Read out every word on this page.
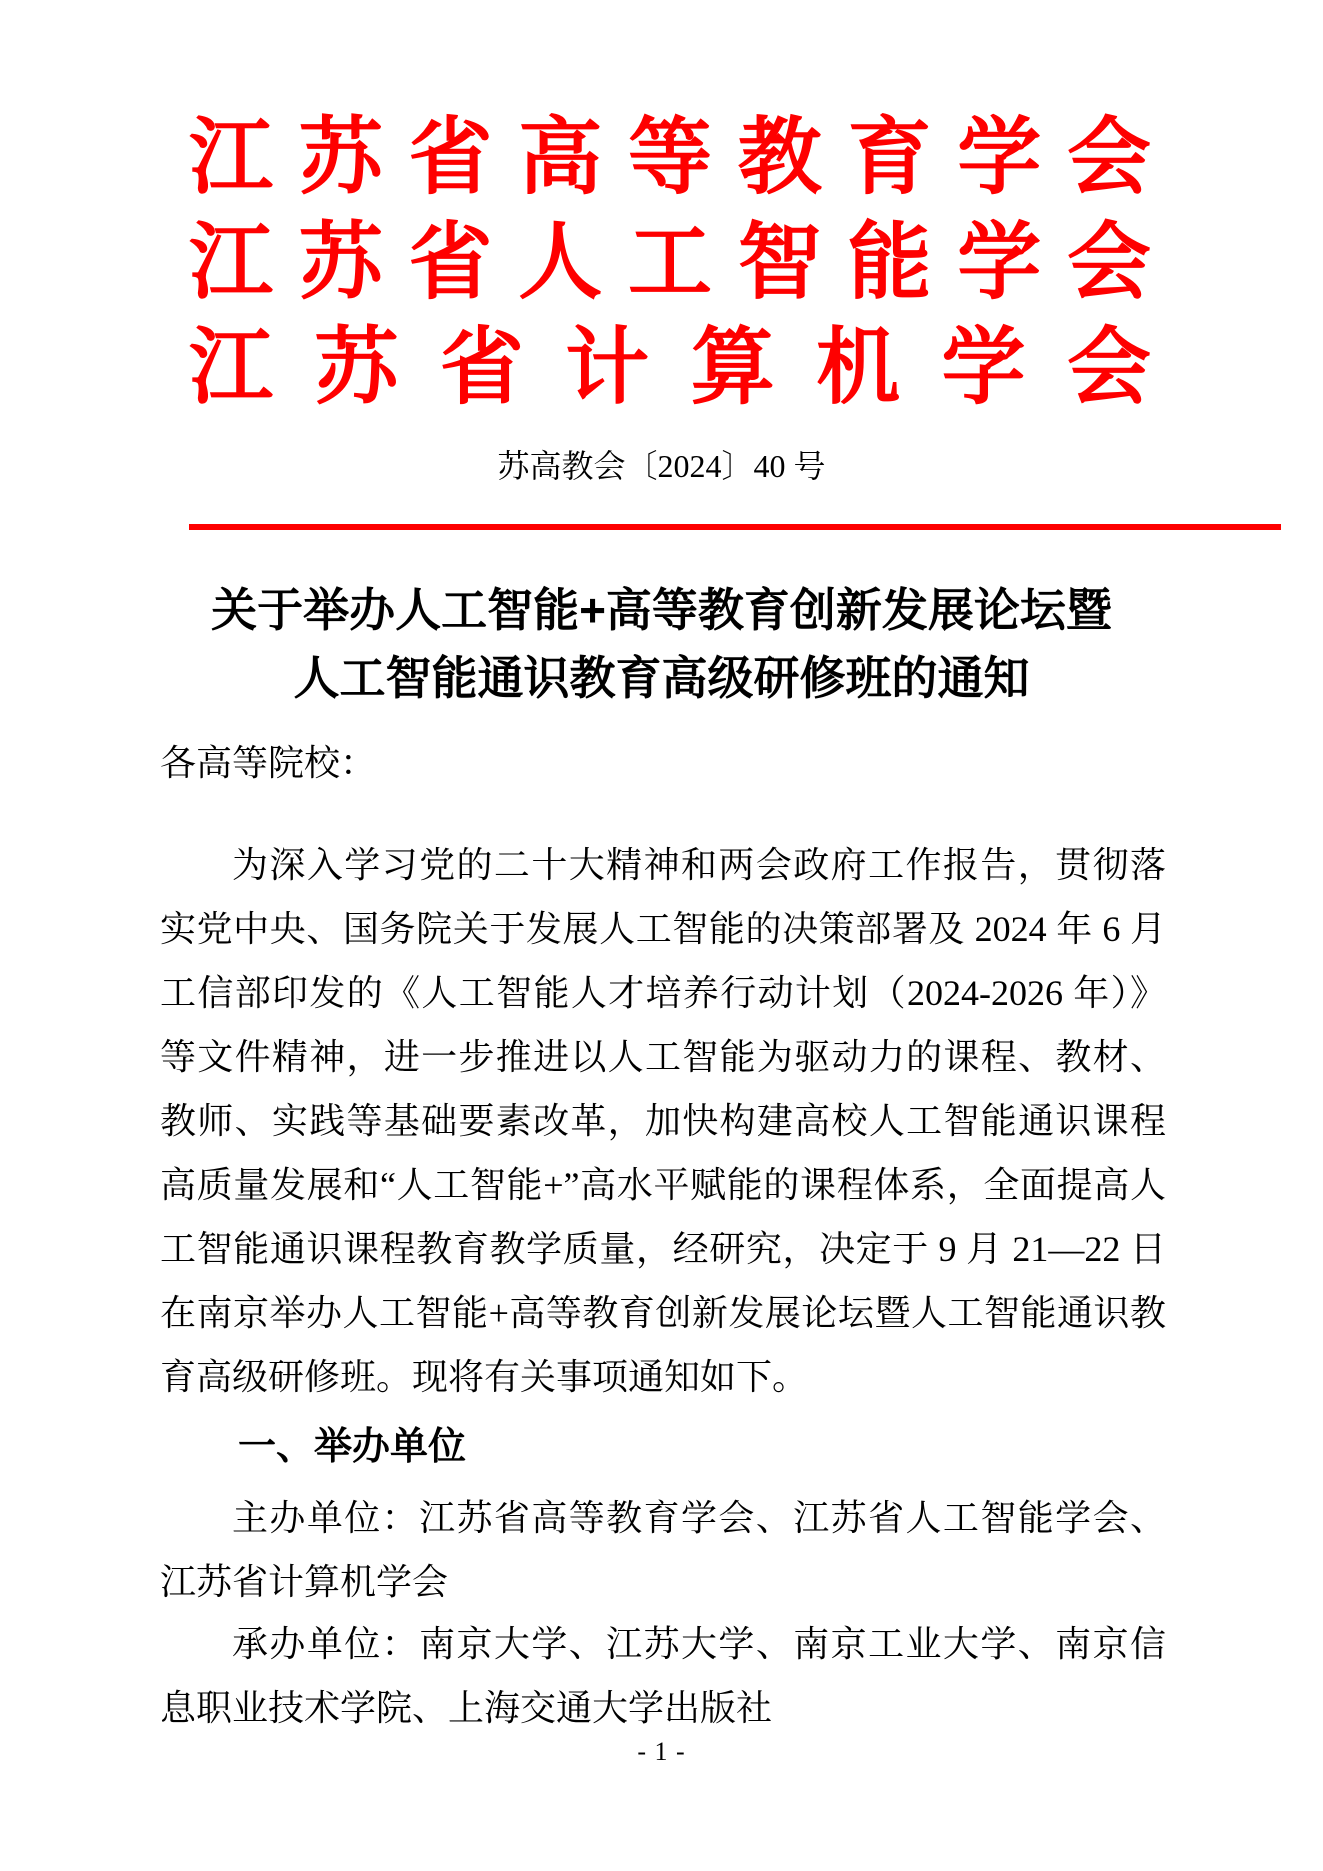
江苏省高等教育学会
江苏省人工智能学会
江苏省计算机学会
苏高教会〔2024〕40 号
关于举办人工智能+高等教育创新发展论坛暨
人工智能通识教育高级研修班的通知
各高等院校：
为深入学习党的二十大精神和两会政府工作报告，贯彻落实党中央、国务院关于发展人工智能的决策部署及 2024 年 6 月工信部印发的《人工智能人才培养行动计划（2024-2026 年）》等文件精神，进一步推进以人工智能为驱动力的课程、教材、教师、实践等基础要素改革，加快构建高校人工智能通识课程高质量发展和“人工智能+”高水平赋能的课程体系，全面提高人工智能通识课程教育教学质量，经研究，决定于 9 月 21—22 日在南京举办人工智能+高等教育创新发展论坛暨人工智能通识教育高级研修班。现将有关事项通知如下。
一、举办单位
主办单位：江苏省高等教育学会、江苏省人工智能学会、江苏省计算机学会
承办单位：南京大学、江苏大学、南京工业大学、南京信息职业技术学院、上海交通大学出版社
- 1 -
